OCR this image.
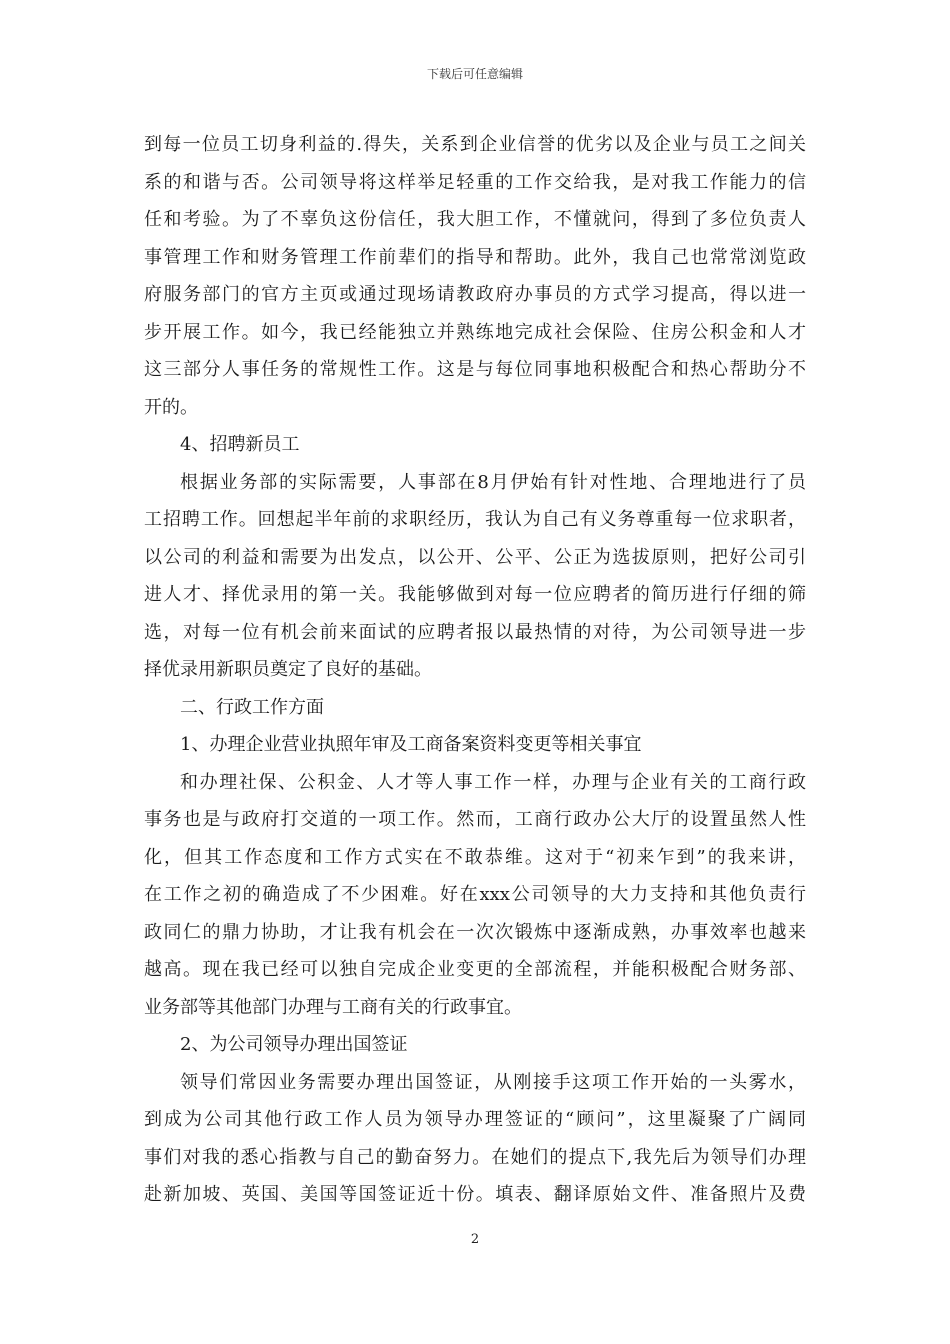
下载后可任意编辑
到每一位员工切身利益的.得失，关系到企业信誉的优劣以及企业与员工之间关
系的和谐与否。公司领导将这样举足轻重的工作交给我，是对我工作能力的信
任和考验。为了不辜负这份信任，我大胆工作，不懂就问，得到了多位负责人
事管理工作和财务管理工作前辈们的指导和帮助。此外，我自己也常常浏览政
府服务部门的官方主页或通过现场请教政府办事员的方式学习提高，得以进一
步开展工作。如今，我已经能独立并熟练地完成社会保险、住房公积金和人才
这三部分人事任务的常规性工作。这是与每位同事地积极配合和热心帮助分不
开的。
4、招聘新员工
根据业务部的实际需要，人事部在8月伊始有针对性地、合理地进行了员
工招聘工作。回想起半年前的求职经历，我认为自己有义务尊重每一位求职者，
以公司的利益和需要为出发点，以公开、公平、公正为选拔原则，把好公司引
进人才、择优录用的第一关。我能够做到对每一位应聘者的简历进行仔细的筛
选，对每一位有机会前来面试的应聘者报以最热情的对待，为公司领导进一步
择优录用新职员奠定了良好的基础。
二、行政工作方面
1、办理企业营业执照年审及工商备案资料变更等相关事宜
和办理社保、公积金、人才等人事工作一样，办理与企业有关的工商行政
事务也是与政府打交道的一项工作。然而，工商行政办公大厅的设置虽然人性
化，但其工作态度和工作方式实在不敢恭维。这对于“初来乍到”的我来讲，
在工作之初的确造成了不少困难。好在xxx公司领导的大力支持和其他负责行
政同仁的鼎力协助，才让我有机会在一次次锻炼中逐渐成熟，办事效率也越来
越高。现在我已经可以独自完成企业变更的全部流程，并能积极配合财务部、
业务部等其他部门办理与工商有关的行政事宜。
2、为公司领导办理出国签证
领导们常因业务需要办理出国签证，从刚接手这项工作开始的一头雾水，
到成为公司其他行政工作人员为领导办理签证的“顾问”，这里凝聚了广阔同
事们对我的悉心指教与自己的勤奋努力。在她们的提点下,我先后为领导们办理
赴新加坡、英国、美国等国签证近十份。填表、翻译原始文件、准备照片及费
2
